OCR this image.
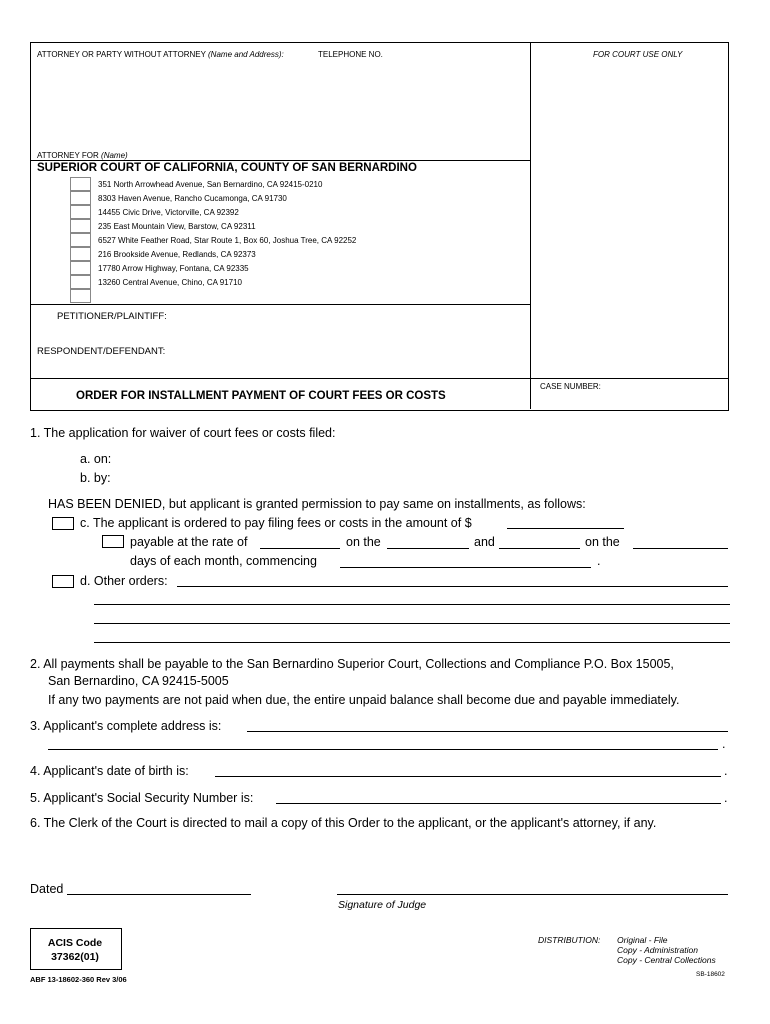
ATTORNEY OR PARTY WITHOUT ATTORNEY (Name and Address):	TELEPHONE NO.	FOR COURT USE ONLY
ATTORNEY FOR (Name)
SUPERIOR COURT OF CALIFORNIA, COUNTY OF SAN BERNARDINO
351 North Arrowhead Avenue, San Bernardino, CA 92415-0210
8303 Haven Avenue, Rancho Cucamonga, CA 91730
14455 Civic Drive, Victorville, CA 92392
235 East Mountain View, Barstow, CA 92311
6527 White Feather Road, Star Route 1, Box 60, Joshua Tree, CA 92252
216 Brookside Avenue, Redlands, CA 92373
17780 Arrow Highway, Fontana, CA 92335
13260 Central Avenue, Chino, CA 91710
PETITIONER/PLAINTIFF:
RESPONDENT/DEFENDANT:
ORDER FOR INSTALLMENT PAYMENT OF COURT FEES OR COSTS
CASE NUMBER:
1. The application for waiver of court fees or costs filed:
a. on:
b. by:
HAS BEEN DENIED, but applicant is granted permission to pay same on installments, as follows:
c. The applicant is ordered to pay filing fees or costs in the amount of $
payable at the rate of	on the	and	on the
days of each month, commencing	.
d. Other orders:
2. All payments shall be payable to the San Bernardino Superior Court, Collections and Compliance P.O. Box 15005,
San Bernardino, CA 92415-5005
If any two payments are not paid when due, the entire unpaid balance shall become due and payable immediately.
3. Applicant's complete address is:
.
4. Applicant's date of birth is:	.
5. Applicant's Social Security Number is:	.
6. The Clerk of the Court is directed to mail a copy of this Order to the applicant, or the applicant's attorney, if any.
Dated
Signature of Judge
ACIS Code
37362(01)
ABF 13-18602-360 Rev 3/06
DISTRIBUTION: Original - File
Copy - Administration
Copy - Central Collections
SB-18602
